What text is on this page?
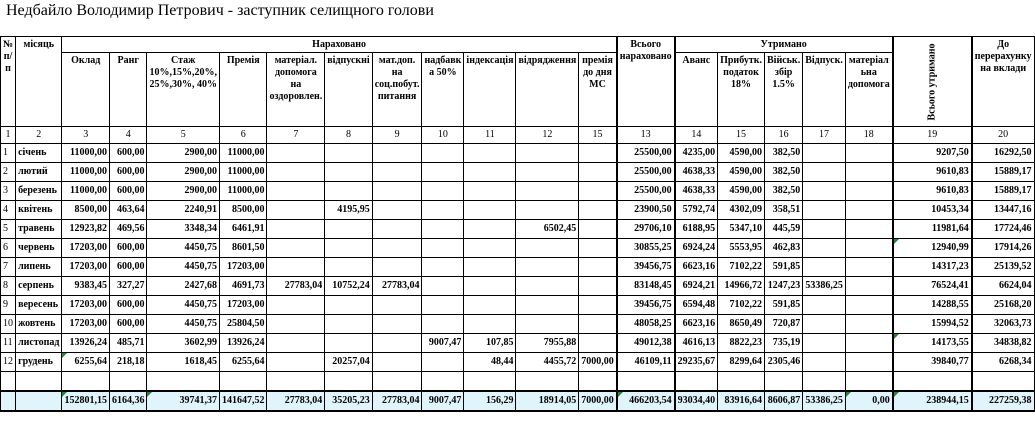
Недбайло Володимир Петрович - заступник селищного голови
№ п/п	місяць	Нараховано											Всього нараховано	Утримано					Всього утримано	До перерахунку на вклади
		Оклад	Ранг	Стаж 10%,15%,20%, 25%,30%, 40%	Премія	матеріал. допомога на оздоровлен.	відпускні	мат.доп. на соц.побут. питання	надбавк а 50%	індексація	відрядження	премія до дня МС		Аванс	Прибутк. податок 18%	Військ. збір 1.5%	Відпуск.	матеріал ьна допомога		
1	2	3	4	5	6	7	8	9	10	11	12	15	13	14	15	16	17	18	19	20
1	січень	11000,00	600,00	2900,00	11000,00								25500,00	4235,00	4590,00	382,50			9207,50	16292,50
2	лютий	11000,00	600,00	2900,00	11000,00								25500,00	4638,33	4590,00	382,50			9610,83	15889,17
3	березень	11000,00	600,00	2900,00	11000,00								25500,00	4638,33	4590,00	382,50			9610,83	15889,17
4	квітень	8500,00	463,64	2240,91	8500,00		4195,95						23900,50	5792,74	4302,09	358,51			10453,34	13447,16
5	травень	12923,82	469,56	3348,34	6461,91						6502,45		29706,10	6188,95	5347,10	445,59			11981,64	17724,46
6	червень	17203,00	600,00	4450,75	8601,50								30855,25	6924,24	5553,95	462,83			12940,99	17914,26
7	липень	17203,00	600,00	4450,75	17203,00								39456,75	6623,16	7102,22	591,85			14317,23	25139,52
8	серпень	9383,45	327,27	2427,68	4691,73	27783,04	10752,24	27783,04					83148,45	6924,21	14966,72	1247,23	53386,25		76524,41	6624,04
9	вересень	17203,00	600,00	4450,75	17203,00								39456,75	6594,48	7102,22	591,85			14288,55	25168,20
10	жовтень	17203,00	600,00	4450,75	25804,50								48058,25	6623,16	8650,49	720,87			15994,52	32063,73
11	листопад	13926,24	485,71	3602,99	13926,24				9007,47	107,85	7955,88		49012,38	4616,13	8822,23	735,19			14173,55	34838,82
12	грудень	6255,64	218,18	1618,45	6255,64		20257,04			48,44	4455,72	7000,00	46109,11	29235,67	8299,64	2305,46			39840,77	6268,34

		152801,15	6164,36	39741,37	141647,52	27783,04	35205,23	27783,04	9007,47	156,29	18914,05	7000,00	466203,54	93034,40	83916,64	8606,87	53386,25	0,00	238944,15	227259,38
